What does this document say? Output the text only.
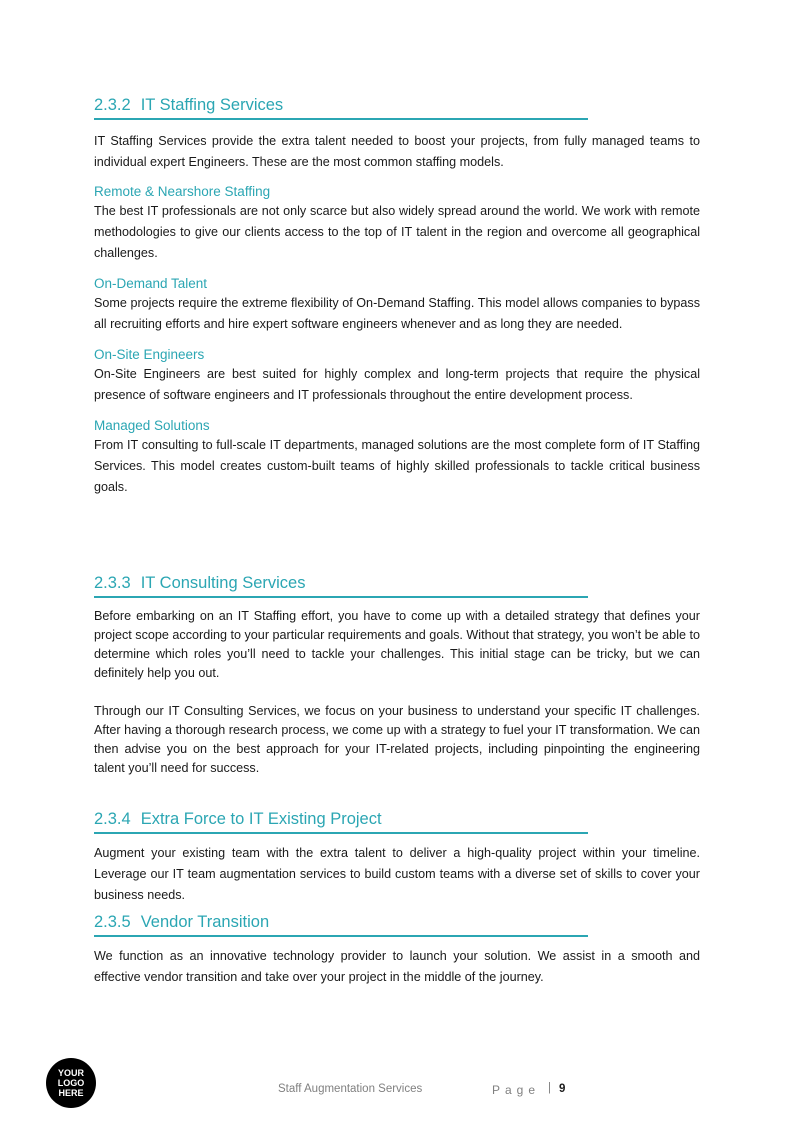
2.3.2 IT Staffing Services

IT Staffing Services provide the extra talent needed to boost your projects, from fully managed teams to individual expert Engineers. These are the most common staffing models.

Remote & Nearshore Staffing

The best IT professionals are not only scarce but also widely spread around the world. We work with remote methodologies to give our clients access to the top of IT talent in the region and overcome all geographical challenges.

On-Demand Talent

Some projects require the extreme flexibility of On-Demand Staffing. This model allows companies to bypass all recruiting efforts and hire expert software engineers whenever and as long they are needed.

On-Site Engineers

On-Site Engineers are best suited for highly complex and long-term projects that require the physical presence of software engineers and IT professionals throughout the entire development process.

Managed Solutions

From IT consulting to full-scale IT departments, managed solutions are the most complete form of IT Staffing Services. This model creates custom-built teams of highly skilled professionals to tackle critical business goals.

2.3.3 IT Consulting Services

Before embarking on an IT Staffing effort, you have to come up with a detailed strategy that defines your project scope according to your particular requirements and goals. Without that strategy, you won’t be able to determine which roles you’ll need to tackle your challenges. This initial stage can be tricky, but we can definitely help you out.

Through our IT Consulting Services, we focus on your business to understand your specific IT challenges. After having a thorough research process, we come up with a strategy to fuel your IT transformation. We can then advise you on the best approach for your IT-related projects, including pinpointing the engineering talent you’ll need for success.

2.3.4 Extra Force to IT Existing Project

Augment your existing team with the extra talent to deliver a high-quality project within your timeline. Leverage our IT team augmentation services to build custom teams with a diverse set of skills to cover your business needs.

2.3.5 Vendor Transition

We function as an innovative technology provider to launch your solution. We assist in a smooth and effective vendor transition and take over your project in the middle of the journey.

YOUR
LOGO
HERE	Staff Augmentation Services	Page | 9
